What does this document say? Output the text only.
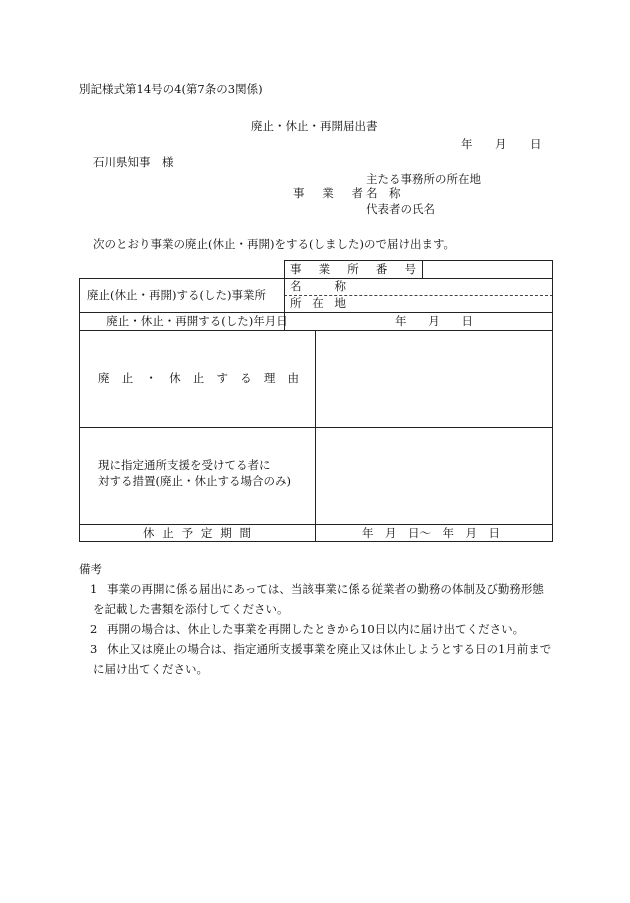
別記様式第14号の4(第7条の3関係)
廃止・休止・再開届出書
年 月 日
石川県知事　様
事 業 者
主たる事務所の所在地
名　称
代表者の氏名
次のとおり事業の廃止(休止・再開)をする(しました)ので届け出ます。
事 業 所 番 号
廃止(休止・再開)する(した)事業所
名	称
所 在 地
廃止・休止・再開する(した)年月日	年 月 日
廃 止 ・ 休 止 す る 理 由
現に指定通所支援を受けてる者に
対する措置(廃止・休止する場合のみ)
休 止 予 定 期 間	年　月　日〜　年　月　日
備考
1 事業の再開に係る届出にあっては、当該事業に係る従業者の勤務の体制及び勤務形態を記載した書類を添付してください。
2 再開の場合は、休止した事業を再開したときから10日以内に届け出てください。
3 休止又は廃止の場合は、指定通所支援事業を廃止又は休止しようとする日の1月前までに届け出てください。
